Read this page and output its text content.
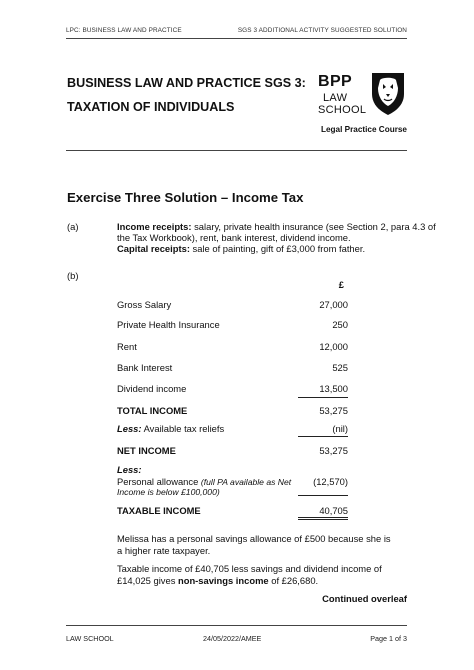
LPC: BUSINESS LAW AND PRACTICE	SGS 3 ADDITIONAL ACTIVITY SUGGESTED SOLUTION
BUSINESS LAW AND PRACTICE SGS 3:
TAXATION OF INDIVIDUALS
BPP
LAW
SCHOOL
Legal Practice Course
Exercise Three Solution – Income Tax
(a)	Income receipts: salary, private health insurance (see Section 2, para 4.3 of
the Tax Workbook), rent, bank interest, dividend income.
Capital receipts: sale of painting, gift of £3,000 from father.
(b)
£
Gross Salary	27,000
Private Health Insurance	250
Rent	12,000
Bank Interest	525
Dividend income	13,500
TOTAL INCOME	53,275
Less: Available tax reliefs	(nil)
NET INCOME	53,275
Less:
Personal allowance (full PA available as Net
Income is below £100,000)
(12,570)
TAXABLE INCOME	40,705
Melissa has a personal savings allowance of £500 because she is
a higher rate taxpayer.
Taxable income of £40,705 less savings and dividend income of
£14,025 gives non-savings income of £26,680.
Continued overleaf
LAW SCHOOL	24/05/2022/AMEE	Page 1 of 3
